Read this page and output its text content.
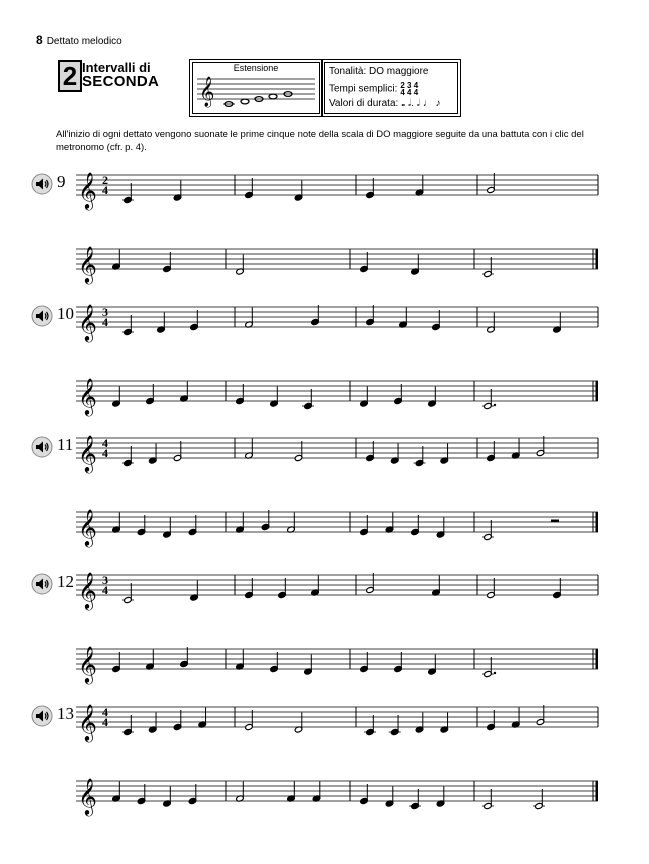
8 Dettato melodico
2 Intervalli di
SECONDA
Estensione
𝄞
Tonalità: DO maggiore
Tempi semplici: 2 3 4
4 4 4
Valori di durata: 𝅝 𝅗𝅥. 𝅗𝅥 ♩ ♪
All'inizio di ogni dettato vengono suonate le prime cinque note della scala di DO maggiore seguite da una battuta con i clic del metronomo (cfr. p. 4).
9 𝄞 2
4
𝄞
10 𝄞 3
4
𝄞
11 𝄞 4
4
𝄞
12 𝄞 3
4
𝄞
13 𝄞 4
4
𝄞
